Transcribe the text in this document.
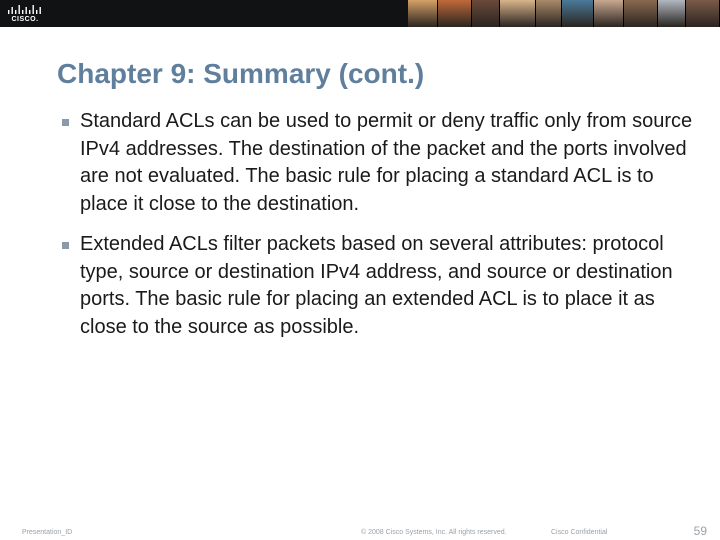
CISCO.
Chapter 9: Summary (cont.)
Standard ACLs can be used to permit or deny traffic only from source IPv4 addresses. The destination of the packet and the ports involved are not evaluated. The basic rule for placing a standard ACL is to place it close to the destination.
Extended ACLs filter packets based on several attributes: protocol type, source or destination IPv4 address, and source or destination ports. The basic rule for placing an extended ACL is to place it as close to the source as possible.
Presentation_ID	© 2008 Cisco Systems, Inc. All rights reserved.	Cisco Confidential	59
